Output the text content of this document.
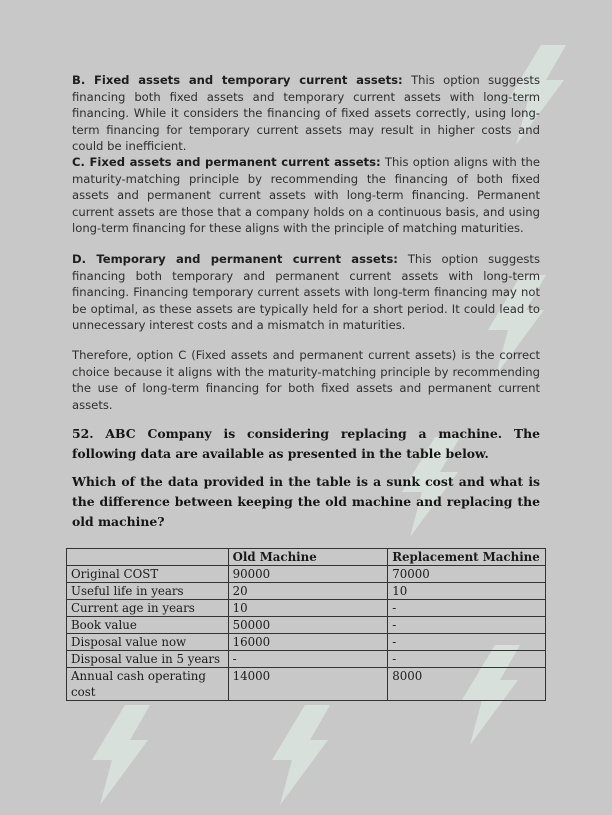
B. Fixed assets and temporary current assets: This option suggests financing both fixed assets and temporary current assets with long-term financing. While it considers the financing of fixed assets correctly, using long-term financing for temporary current assets may result in higher costs and could be inefficient.

C. Fixed assets and permanent current assets: This option aligns with the maturity-matching principle by recommending the financing of both fixed assets and permanent current assets with long-term financing. Permanent current assets are those that a company holds on a continuous basis, and using long-term financing for these aligns with the principle of matching maturities.

D. Temporary and permanent current assets: This option suggests financing both temporary and permanent current assets with long-term financing. Financing temporary current assets with long-term financing may not be optimal, as these assets are typically held for a short period. It could lead to unnecessary interest costs and a mismatch in maturities.

Therefore, option C (Fixed assets and permanent current assets) is the correct choice because it aligns with the maturity-matching principle by recommending the use of long-term financing for both fixed assets and permanent current assets.

52. ABC Company is considering replacing a machine. The following data are available as presented in the table below.

Which of the data provided in the table is a sunk cost and what is the difference between keeping the old machine and replacing the old machine?

	Old Machine	Replacement Machine
Original COST	90000	70000
Useful life in years	20	10
Current age in years	10	-
Book value	50000	-
Disposal value now	16000	-
Disposal value in 5 years	-	-
Annual cash operating cost	14000	8000
